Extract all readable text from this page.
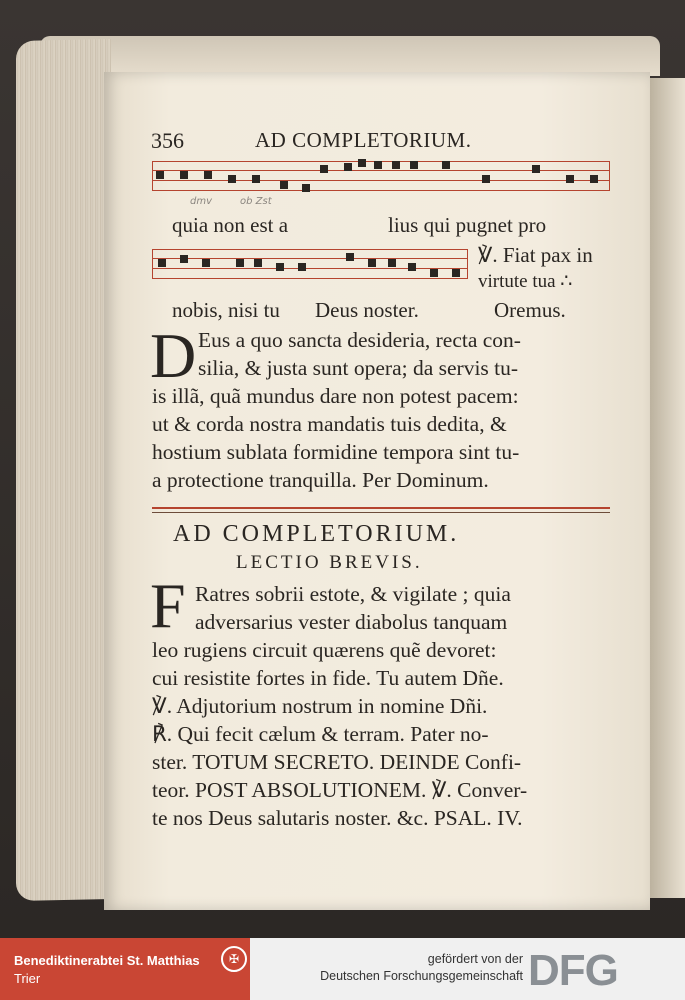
356	AD COMPLETORIUM.
dmv	ob Zst
quia non est a	lius qui pugnet pro
℣. Fiat pax in
virtute tua ∴
nobis, nisi tu Deus noster.	Oremus.
D Eus a quo sancta desideria, recta con-
silia, & justa sunt opera; da servis tu-
is illã, quã mundus dare non potest pacem:
ut & corda nostra mandatis tuis dedita, &
hostium sublata formidine tempora sint tu-
a protectione tranquilla. Per Dominum.
AD COMPLETORIUM.
LECTIO BREVIS.
F Ratres sobrii estote, & vigilate ; quia
adversarius vester diabolus tanquam
leo rugiens circuit quærens quẽ devoret:
cui resistite fortes in fide. Tu autem Dñe.
℣. Adjutorium nostrum in nomine Dñi.
℟. Qui fecit cælum & terram. Pater no-
ster. TOTUM SECRETO. DEINDE Confi-
teor. POST ABSOLUTIONEM. ℣. Conver-
te nos Deus salutaris noster. &c. PSAL. IV.
Benediktinerabtei St. Matthias
Trier
✠	gefördert von der
Deutschen Forschungsgemeinschaft DFG
